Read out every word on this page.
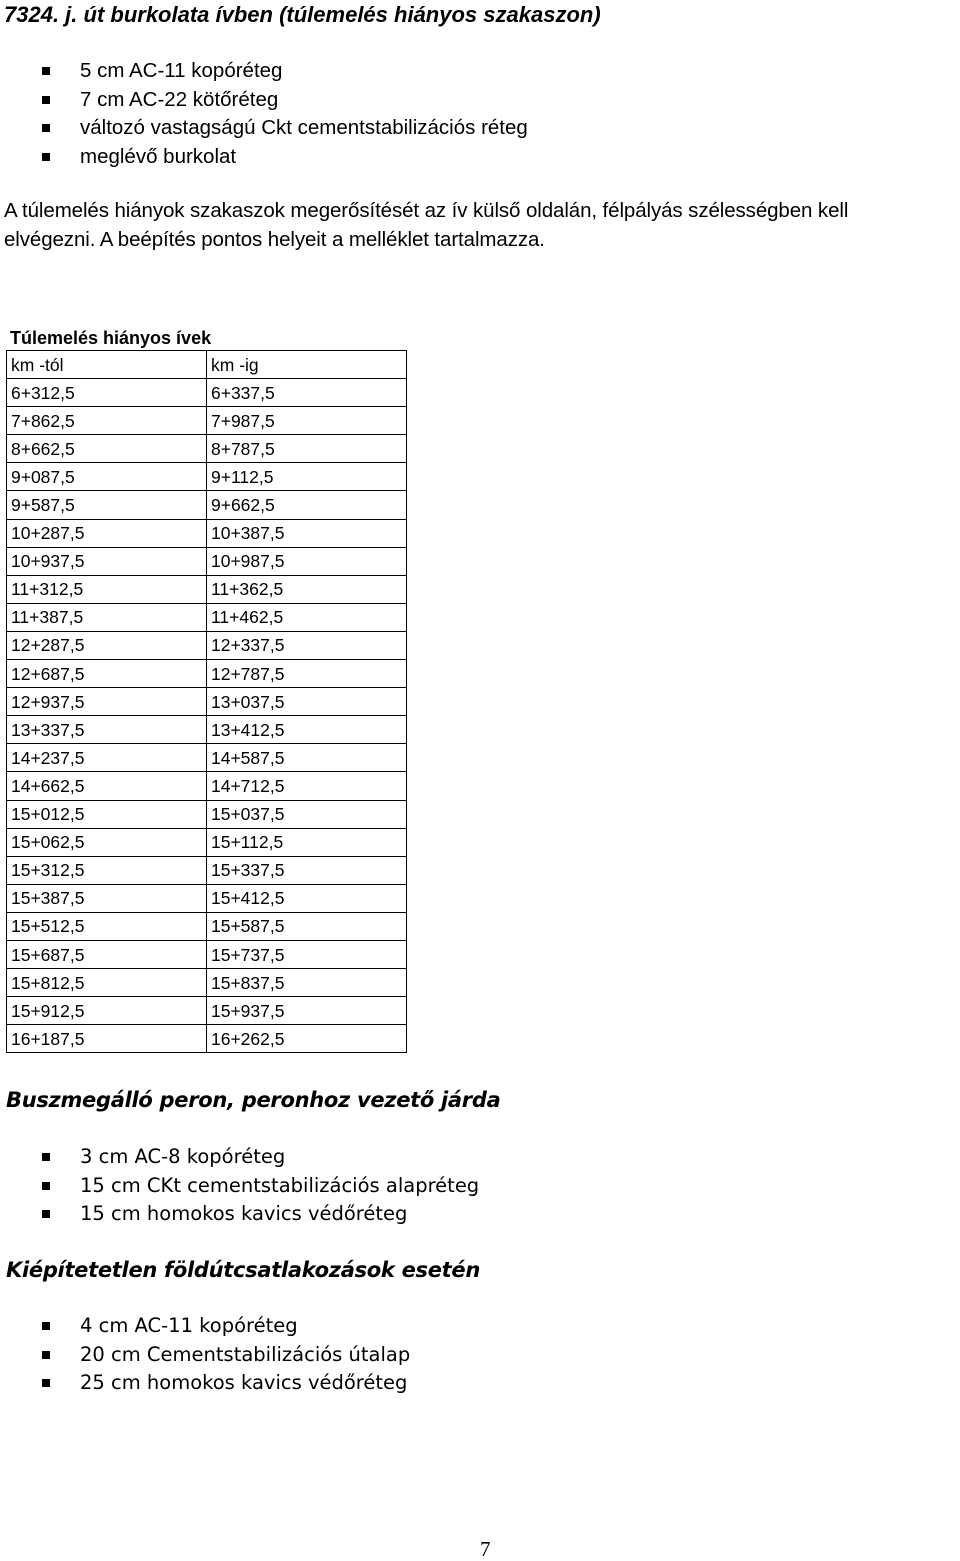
7324. j. út burkolata ívben (túlemelés hiányos szakaszon)
5 cm AC-11 kopóréteg
7 cm AC-22 kötőréteg
változó vastagságú Ckt cementstabilizációs réteg
meglévő burkolat
A túlemelés hiányok szakaszok megerősítését az ív külső oldalán, félpályás szélességben kell
elvégezni. A beépítés pontos helyeit a melléklet tartalmazza.
Túlemelés hiányos ívek
km -tól	km -ig
6+312,5	6+337,5
7+862,5	7+987,5
8+662,5	8+787,5
9+087,5	9+112,5
9+587,5	9+662,5
10+287,5	10+387,5
10+937,5	10+987,5
11+312,5	11+362,5
11+387,5	11+462,5
12+287,5	12+337,5
12+687,5	12+787,5
12+937,5	13+037,5
13+337,5	13+412,5
14+237,5	14+587,5
14+662,5	14+712,5
15+012,5	15+037,5
15+062,5	15+112,5
15+312,5	15+337,5
15+387,5	15+412,5
15+512,5	15+587,5
15+687,5	15+737,5
15+812,5	15+837,5
15+912,5	15+937,5
16+187,5	16+262,5
Buszmegálló peron, peronhoz vezető járda
3 cm AC-8 kopóréteg
15 cm CKt cementstabilizációs alapréteg
15 cm homokos kavics védőréteg
Kiépítetetlen földútcsatlakozások esetén
4 cm AC-11 kopóréteg
20 cm Cementstabilizációs útalap
25 cm homokos kavics védőréteg
7
